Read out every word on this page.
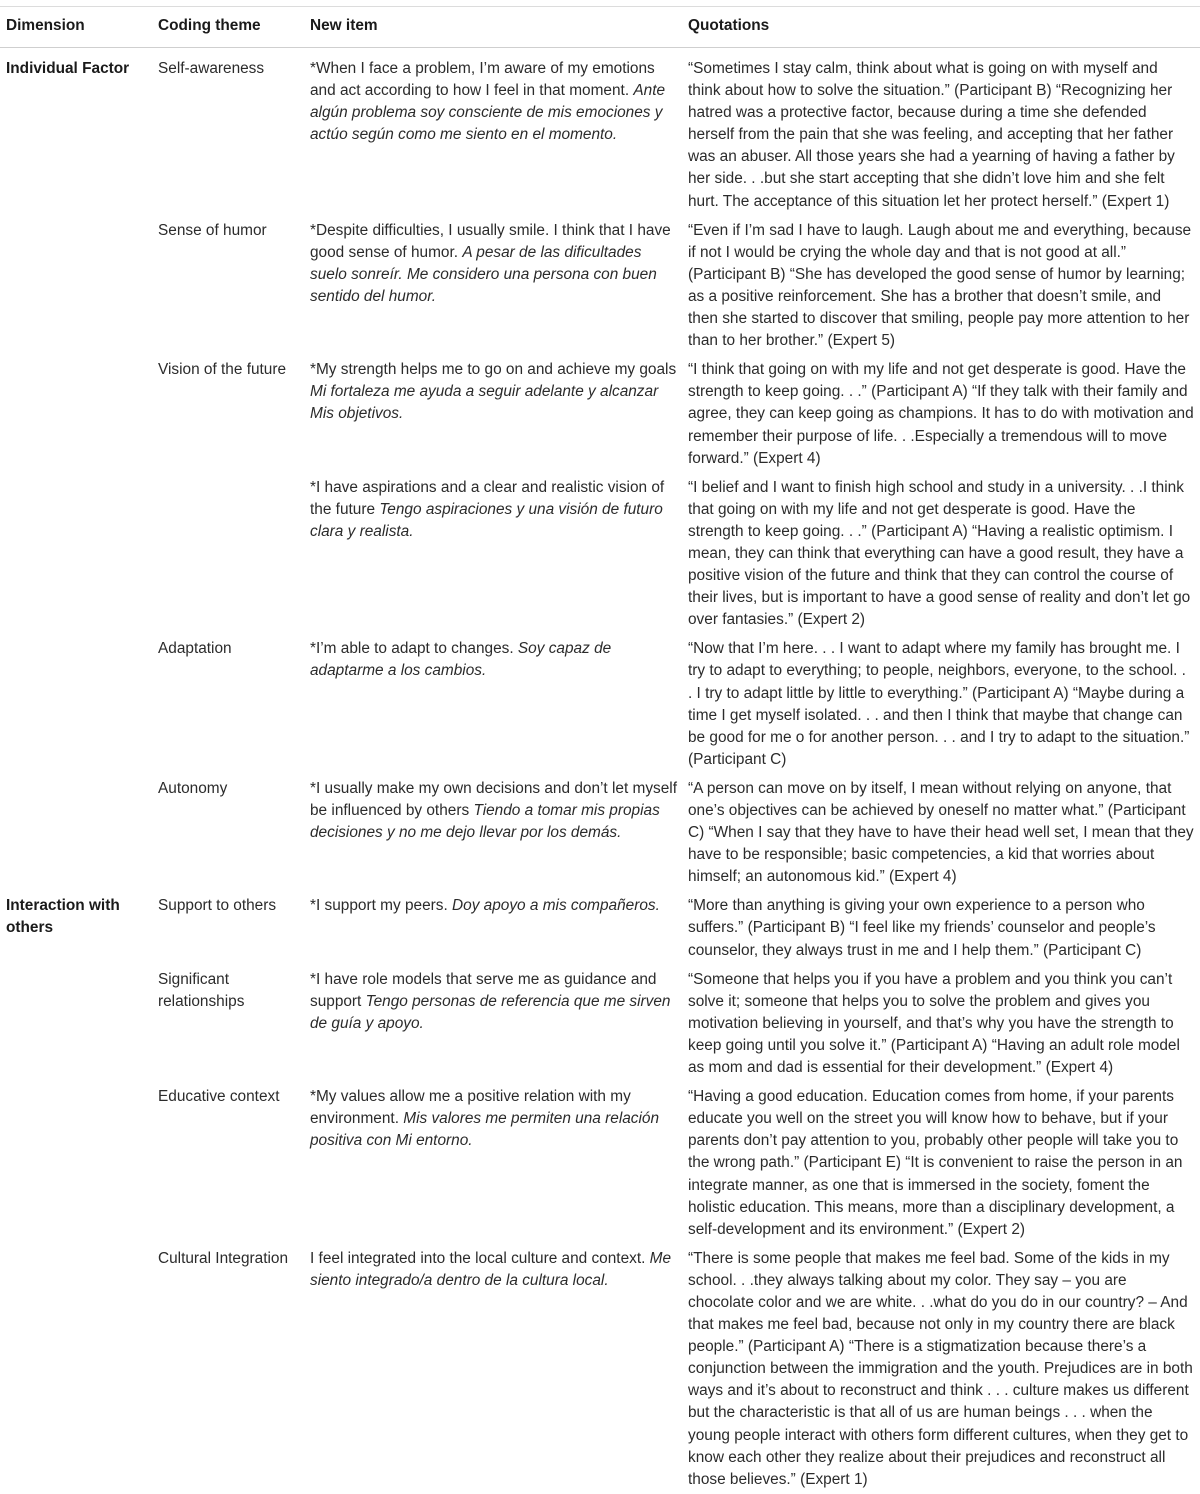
Dimension	Coding theme	New item	Quotations
Individual Factor	Self-awareness	*When I face a problem, I’m aware of my emotions and act according to how I feel in that moment. Ante algún problema soy consciente de mis emociones y actúo según como me siento en el momento.	“Sometimes I stay calm, think about what is going on with myself and think about how to solve the situation.” (Participant B) “Recognizing her hatred was a protective factor, because during a time she defended herself from the pain that she was feeling, and accepting that her father was an abuser. All those years she had a yearning of having a father by her side. . .but she start accepting that she didn’t love him and she felt hurt. The acceptance of this situation let her protect herself.” (Expert 1)
	Sense of humor	*Despite difficulties, I usually smile. I think that I have good sense of humor. A pesar de las dificultades suelo sonreír. Me considero una persona con buen sentido del humor.	“Even if I’m sad I have to laugh. Laugh about me and everything, because if not I would be crying the whole day and that is not good at all.” (Participant B) “She has developed the good sense of humor by learning; as a positive reinforcement. She has a brother that doesn’t smile, and then she started to discover that smiling, people pay more attention to her than to her brother.” (Expert 5)
	Vision of the future	*My strength helps me to go on and achieve my goals Mi fortaleza me ayuda a seguir adelante y alcanzar Mis objetivos.	“I think that going on with my life and not get desperate is good. Have the strength to keep going. . .” (Participant A) “If they talk with their family and agree, they can keep going as champions. It has to do with motivation and remember their purpose of life. . .Especially a tremendous will to move forward.” (Expert 4)
		*I have aspirations and a clear and realistic vision of the future Tengo aspiraciones y una visión de futuro clara y realista.	“I belief and I want to finish high school and study in a university. . .I think that going on with my life and not get desperate is good. Have the strength to keep going. . .” (Participant A) “Having a realistic optimism. I mean, they can think that everything can have a good result, they have a positive vision of the future and think that they can control the course of their lives, but is important to have a good sense of reality and don’t let go over fantasies.” (Expert 2)
	Adaptation	*I’m able to adapt to changes. Soy capaz de adaptarme a los cambios.	“Now that I’m here. . . I want to adapt where my family has brought me. I try to adapt to everything; to people, neighbors, everyone, to the school. . . I try to adapt little by little to everything.” (Participant A) “Maybe during a time I get myself isolated. . . and then I think that maybe that change can be good for me o for another person. . . and I try to adapt to the situation.” (Participant C)
	Autonomy	*I usually make my own decisions and don’t let myself be influenced by others Tiendo a tomar mis propias decisiones y no me dejo llevar por los demás.	“A person can move on by itself, I mean without relying on anyone, that one’s objectives can be achieved by oneself no matter what.” (Participant C) “When I say that they have to have their head well set, I mean that they have to be responsible; basic competencies, a kid that worries about himself; an autonomous kid.” (Expert 4)
Interaction with others	Support to others	*I support my peers. Doy apoyo a mis compañeros.	“More than anything is giving your own experience to a person who suffers.” (Participant B) “I feel like my friends’ counselor and people’s counselor, they always trust in me and I help them.” (Participant C)
	Significant relationships	*I have role models that serve me as guidance and support Tengo personas de referencia que me sirven de guía y apoyo.	“Someone that helps you if you have a problem and you think you can’t solve it; someone that helps you to solve the problem and gives you motivation believing in yourself, and that’s why you have the strength to keep going until you solve it.” (Participant A) “Having an adult role model as mom and dad is essential for their development.” (Expert 4)
	Educative context	*My values allow me a positive relation with my environment. Mis valores me permiten una relación positiva con Mi entorno.	“Having a good education. Education comes from home, if your parents educate you well on the street you will know how to behave, but if your parents don’t pay attention to you, probably other people will take you to the wrong path.” (Participant E) “It is convenient to raise the person in an integrate manner, as one that is immersed in the society, foment the holistic education. This means, more than a disciplinary development, a self-development and its environment.” (Expert 2)
	Cultural Integration	I feel integrated into the local culture and context. Me siento integrado/a dentro de la cultura local.	“There is some people that makes me feel bad. Some of the kids in my school. . .they always talking about my color. They say – you are chocolate color and we are white. . .what do you do in our country? – And that makes me feel bad, because not only in my country there are black people.” (Participant A) “There is a stigmatization because there’s a conjunction between the immigration and the youth. Prejudices are in both ways and it’s about to reconstruct and think . . . culture makes us different but the characteristic is that all of us are human beings . . . when the young people interact with others form different cultures, when they get to know each other they realize about their prejudices and reconstruct all those believes.” (Expert 1)
